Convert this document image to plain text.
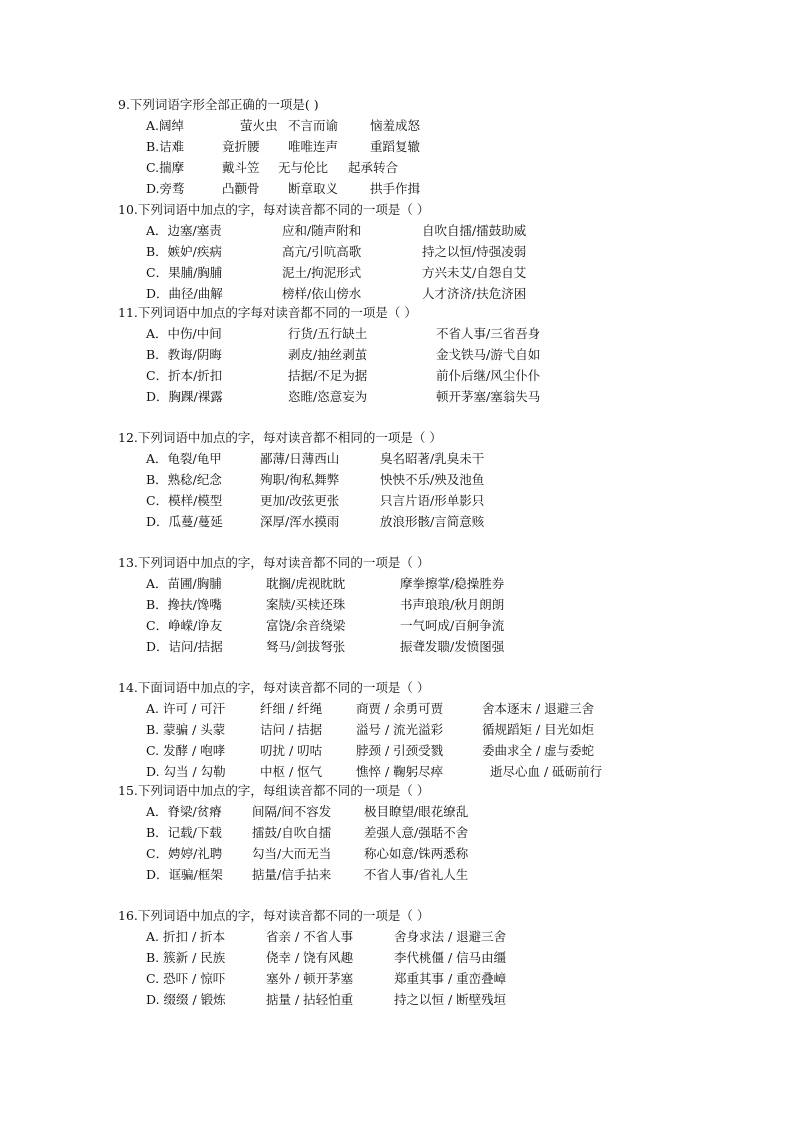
9.下列词语字形全部正确的一项是( )
A.阔绰	萤火虫 不言而谕	恼羞成怒
B.诘难	竟折腰 唯唯连声	重蹈复辙
C.揣摩	戴斗笠 无与伦比 起承转合
D.旁骛	凸颧骨 断章取义	拱手作揖
10.下列词语中加点的字，每对读音都不同的一项是（ ）
A．边塞/塞责	应和/随声附和	自吹自擂/擂鼓助威
B．嫉妒/疾病	高亢/引吭高歌	持之以恒/恃强凌弱
C．果脯/胸脯	泥土/拘泥形式	方兴未艾/自怨自艾
D．曲径/曲解	榜样/依山傍水	人才济济/扶危济困
11.下列词语中加点的字每对读音都不同的一项是（ ）
A．中伤/中间	行货/五行缺土	不省人事/三省吾身
B．教诲/阴晦	剥皮/抽丝剥茧	金戈铁马/游弋自如
C．折本/折扣	拮据/不足为据	前仆后继/风尘仆仆
D．胸踝/裸露	恣睢/恣意妄为	顿开茅塞/塞翁失马
12.下列词语中加点的字，每对读音都不相同的一项是（ ）
A．龟裂/龟甲	鄙薄/日薄西山	臭名昭著/乳臭未干
B．熟稔/纪念	殉职/徇私舞弊	怏怏不乐/殃及池鱼
C．模样/模型	更加/改弦更张	只言片语/形单影只
D．瓜蔓/蔓延	深厚/浑水摸雨	放浪形骸/言简意赅
13.下列词语中加点的字，每对读音都不同的一项是（ ）
A．苗圃/胸脯	耽搁/虎视眈眈	摩拳擦掌/稳操胜券
B．搀扶/馋嘴	案牍/买椟还珠	书声琅琅/秋月朗朗
C．峥嵘/诤友	富饶/余音绕梁	一气呵成/百舸争流
D．诘问/拮据	驽马/剑拔弩张	振聋发聩/发愤图强
14.下面词语中加点的字，每对读音都不同的一项是（ ）
A. 许可 / 可汗	纤细 / 纤绳	商贾 / 余勇可贾	舍本逐末 / 退避三舍
B. 蒙骗 / 头蒙	诘问 / 拮据	溢号 / 流光溢彩	循规蹈矩 / 目光如炬
C. 发酵 / 咆哮	叨扰 / 叨咕	脖颈 / 引颈受戮	委曲求全 / 虚与委蛇
D. 勾当 / 勾勒	中枢 / 怄气	憔悴 / 鞠躬尽瘁	逝尽心血 / 砥砺前行
15.下列词语中加点的字，每组读音都不同的一项是（ ）
A．脊梁/贫瘠 间隔/间不容发	极目瞭望/眼花缭乱
B．记载/下载 擂鼓/自吹自擂	差强人意/强聒不舍
C．娉婷/礼聘 勾当/大而无当	称心如意/铢两悉称
D．诓骗/框架 掂量/信手拈来	不省人事/省礼人生
16.下列词语中加点的字，每对读音都不同的一项是（ ）
A. 折扣 / 折本	省亲 / 不省人事	舍身求法 / 退避三舍
B. 簇新 / 民族	侥幸 / 饶有风趣	李代桃僵 / 信马由缰
C. 恐吓 / 惊吓	塞外 / 顿开茅塞	郑重其事 / 重峦叠嶂
D. 缀缀 / 锻炼	掂量 / 拈轻怕重	持之以恒 / 断壁残垣
